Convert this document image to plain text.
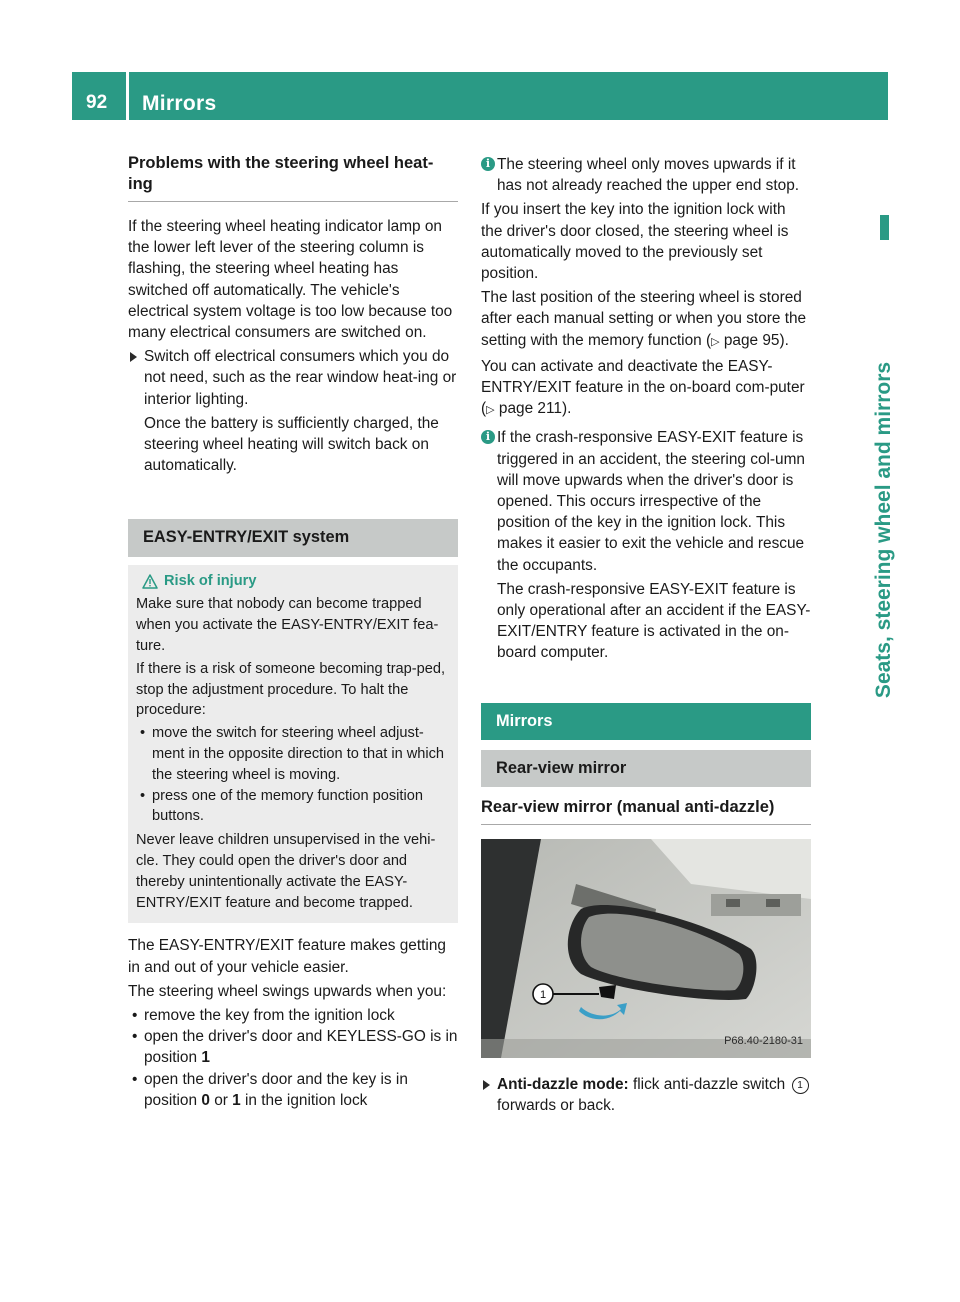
92 Mirrors
Seats, steering wheel and mirrors
Problems with the steering wheel heat-ing

If the steering wheel heating indicator lamp on the lower left lever of the steering column is flashing, the steering wheel heating has switched off automatically. The vehicle's electrical system voltage is too low because too many electrical consumers are switched on.

Switch off electrical consumers which you do not need, such as the rear window heat-ing or interior lighting.

Once the battery is sufficiently charged, the steering wheel heating will switch back on automatically.

EASY-ENTRY/EXIT system
Risk of injury

Make sure that nobody can become trapped when you activate the EASY-ENTRY/EXIT fea-ture.

If there is a risk of someone becoming trap-ped, stop the adjustment procedure. To halt the procedure:

• move the switch for steering wheel adjust-ment in the opposite direction to that in which the steering wheel is moving.
• press one of the memory function position buttons.

Never leave children unsupervised in the vehi-cle. They could open the driver's door and thereby unintentionally activate the EASY-ENTRY/EXIT feature and become trapped.

The EASY-ENTRY/EXIT feature makes getting in and out of your vehicle easier.

The steering wheel swings upwards when you:

• remove the key from the ignition lock
• open the driver's door and KEYLESS-GO is in position 1
• open the driver's door and the key is in position 0 or 1 in the ignition lock
i The steering wheel only moves upwards if it has not already reached the upper end stop.

If you insert the key into the ignition lock with the driver's door closed, the steering wheel is automatically moved to the previously set position.

The last position of the steering wheel is stored after each manual setting or when you store the setting with the memory function (▷ page 95).

You can activate and deactivate the EASY-ENTRY/EXIT feature in the on-board com-puter (▷ page 211).

i If the crash-responsive EASY-EXIT feature is triggered in an accident, the steering col-umn will move upwards when the driver's door is opened. This occurs irrespective of the position of the key in the ignition lock. This makes it easier to exit the vehicle and rescue the occupants.

The crash-responsive EASY-EXIT feature is only operational after an accident if the EASY-EXIT/ENTRY feature is activated in the on-board computer.

Mirrors
Rear-view mirror
Rear-view mirror (manual anti-dazzle)
1
P68.40-2180-31

Anti-dazzle mode: flick anti-dazzle switch 1 forwards or back.
